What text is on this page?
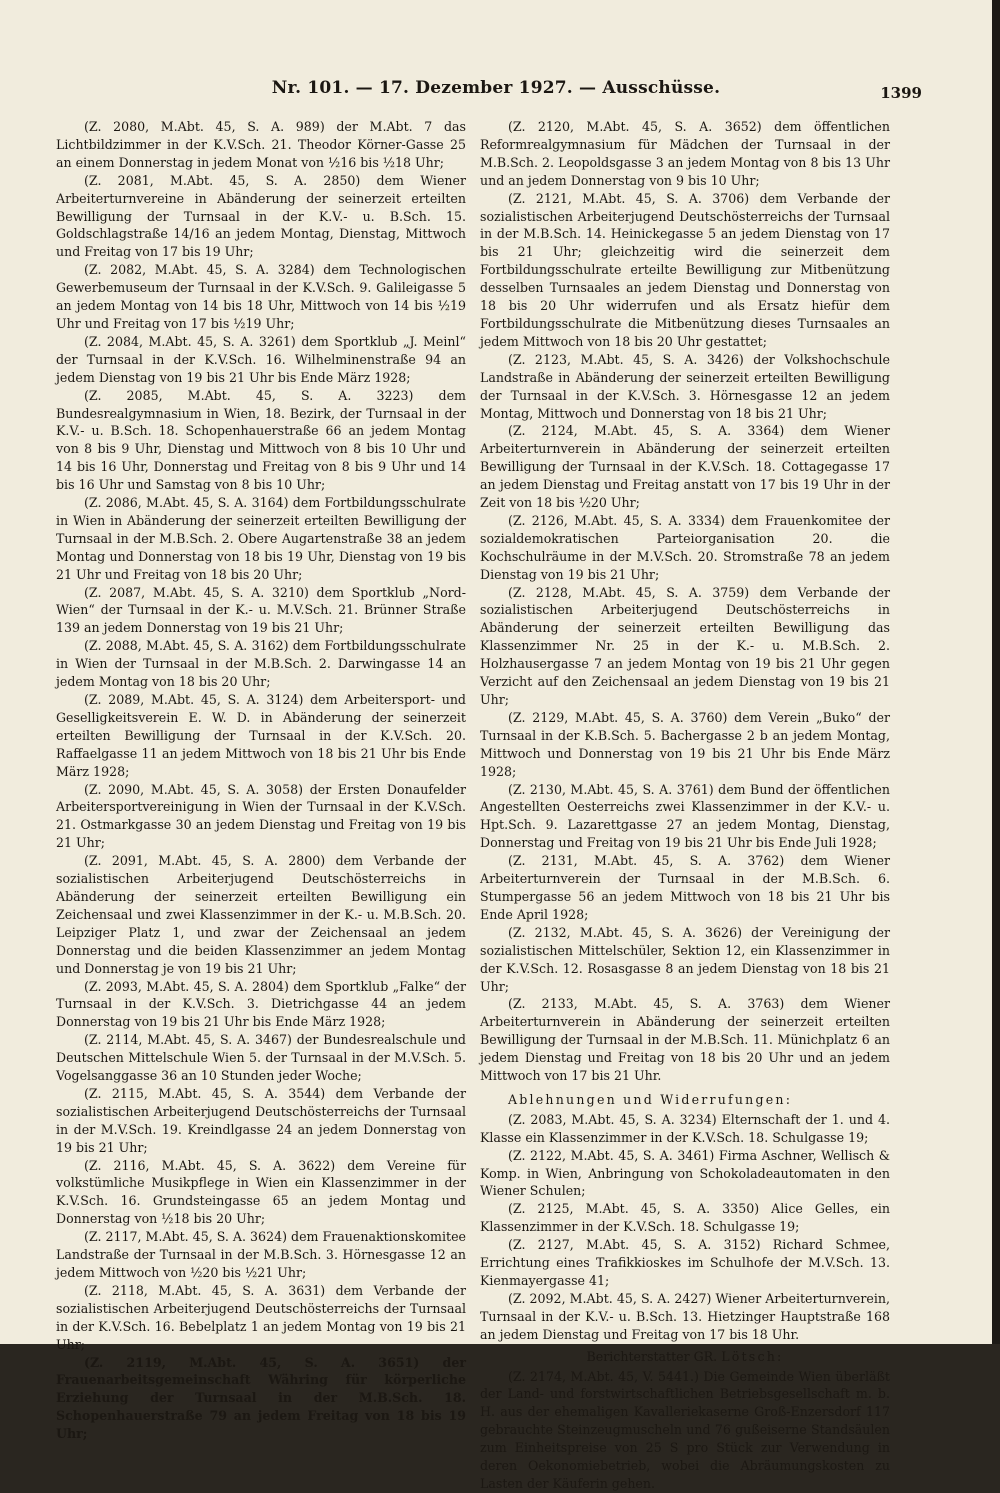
Nr. 101. — 17. Dezember 1927. — Ausschüsse.	1399

(Z. 2080, M.Abt. 45, S. A. 989) der M.Abt. 7 das Lichtbildzimmer in der K.V.Sch. 21. Theodor Körner-Gasse 25 an einem Donnerstag in jedem Monat von ½16 bis ½18 Uhr;

(Z. 2081, M.Abt. 45, S. A. 2850) dem Wiener Arbeiterturnvereine in Abänderung der seinerzeit erteilten Bewilligung der Turnsaal in der K.V.- u. B.Sch. 15. Goldschlagstraße 14/16 an jedem Montag, Dienstag, Mittwoch und Freitag von 17 bis 19 Uhr;

(Z. 2082, M.Abt. 45, S. A. 3284) dem Technologischen Gewerbemuseum der Turnsaal in der K.V.Sch. 9. Galileigasse 5 an jedem Montag von 14 bis 18 Uhr, Mittwoch von 14 bis ½19 Uhr und Freitag von 17 bis ½19 Uhr;

(Z. 2084, M.Abt. 45, S. A. 3261) dem Sportklub „J. Meinl“ der Turnsaal in der K.V.Sch. 16. Wilhelminenstraße 94 an jedem Dienstag von 19 bis 21 Uhr bis Ende März 1928;

(Z. 2085, M.Abt. 45, S. A. 3223) dem Bundesrealgymnasium in Wien, 18. Bezirk, der Turnsaal in der K.V.- u. B.Sch. 18. Schopenhauerstraße 66 an jedem Montag von 8 bis 9 Uhr, Dienstag und Mittwoch von 8 bis 10 Uhr und 14 bis 16 Uhr, Donnerstag und Freitag von 8 bis 9 Uhr und 14 bis 16 Uhr und Samstag von 8 bis 10 Uhr;

(Z. 2086, M.Abt. 45, S. A. 3164) dem Fortbildungsschulrate in Wien in Abänderung der seinerzeit erteilten Bewilligung der Turnsaal in der M.B.Sch. 2. Obere Augartenstraße 38 an jedem Montag und Donnerstag von 18 bis 19 Uhr, Dienstag von 19 bis 21 Uhr und Freitag von 18 bis 20 Uhr;

(Z. 2087, M.Abt. 45, S. A. 3210) dem Sportklub „Nord-Wien“ der Turnsaal in der K.- u. M.V.Sch. 21. Brünner Straße 139 an jedem Donnerstag von 19 bis 21 Uhr;

(Z. 2088, M.Abt. 45, S. A. 3162) dem Fortbildungsschulrate in Wien der Turnsaal in der M.B.Sch. 2. Darwingasse 14 an jedem Montag von 18 bis 20 Uhr;

(Z. 2089, M.Abt. 45, S. A. 3124) dem Arbeitersport- und Geselligkeitsverein E. W. D. in Abänderung der seinerzeit erteilten Bewilligung der Turnsaal in der K.V.Sch. 20. Raffaelgasse 11 an jedem Mittwoch von 18 bis 21 Uhr bis Ende März 1928;

(Z. 2090, M.Abt. 45, S. A. 3058) der Ersten Donaufelder Arbeitersportvereinigung in Wien der Turnsaal in der K.V.Sch. 21. Ostmarkgasse 30 an jedem Dienstag und Freitag von 19 bis 21 Uhr;

(Z. 2091, M.Abt. 45, S. A. 2800) dem Verbande der sozialistischen Arbeiterjugend Deutschösterreichs in Abänderung der seinerzeit erteilten Bewilligung ein Zeichensaal und zwei Klassenzimmer in der K.- u. M.B.Sch. 20. Leipziger Platz 1, und zwar der Zeichensaal an jedem Donnerstag und die beiden Klassenzimmer an jedem Montag und Donnerstag je von 19 bis 21 Uhr;

(Z. 2093, M.Abt. 45, S. A. 2804) dem Sportklub „Falke“ der Turnsaal in der K.V.Sch. 3. Dietrichgasse 44 an jedem Donnerstag von 19 bis 21 Uhr bis Ende März 1928;

(Z. 2114, M.Abt. 45, S. A. 3467) der Bundesrealschule und Deutschen Mittelschule Wien 5. der Turnsaal in der M.V.Sch. 5. Vogelsanggasse 36 an 10 Stunden jeder Woche;

(Z. 2115, M.Abt. 45, S. A. 3544) dem Verbande der sozialistischen Arbeiterjugend Deutschösterreichs der Turnsaal in der M.V.Sch. 19. Kreindlgasse 24 an jedem Donnerstag von 19 bis 21 Uhr;

(Z. 2116, M.Abt. 45, S. A. 3622) dem Vereine für volkstümliche Musikpflege in Wien ein Klassenzimmer in der K.V.Sch. 16. Grundsteingasse 65 an jedem Montag und Donnerstag von ½18 bis 20 Uhr;

(Z. 2117, M.Abt. 45, S. A. 3624) dem Frauenaktionskomitee Landstraße der Turnsaal in der M.B.Sch. 3. Hörnesgasse 12 an jedem Mittwoch von ½20 bis ½21 Uhr;

(Z. 2118, M.Abt. 45, S. A. 3631) dem Verbande der sozialistischen Arbeiterjugend Deutschösterreichs der Turnsaal in der K.V.Sch. 16. Bebelplatz 1 an jedem Montag von 19 bis 21 Uhr;

(Z. 2119, M.Abt. 45, S. A. 3651) der Frauenarbeitsgemeinschaft Währing für körperliche Erziehung der Turnsaal in der M.B.Sch. 18. Schopenhauerstraße 79 an jedem Freitag von 18 bis 19 Uhr;

(Z. 2120, M.Abt. 45, S. A. 3652) dem öffentlichen Reformrealgymnasium für Mädchen der Turnsaal in der M.B.Sch. 2. Leopoldsgasse 3 an jedem Montag von 8 bis 13 Uhr und an jedem Donnerstag von 9 bis 10 Uhr;

(Z. 2121, M.Abt. 45, S. A. 3706) dem Verbande der sozialistischen Arbeiterjugend Deutschösterreichs der Turnsaal in der M.B.Sch. 14. Heinickegasse 5 an jedem Dienstag von 17 bis 21 Uhr; gleichzeitig wird die seinerzeit dem Fortbildungsschulrate erteilte Bewilligung zur Mitbenützung desselben Turnsaales an jedem Dienstag und Donnerstag von 18 bis 20 Uhr widerrufen und als Ersatz hiefür dem Fortbildungsschulrate die Mitbenützung dieses Turnsaales an jedem Mittwoch von 18 bis 20 Uhr gestattet;

(Z. 2123, M.Abt. 45, S. A. 3426) der Volkshochschule Landstraße in Abänderung der seinerzeit erteilten Bewilligung der Turnsaal in der K.V.Sch. 3. Hörnesgasse 12 an jedem Montag, Mittwoch und Donnerstag von 18 bis 21 Uhr;

(Z. 2124, M.Abt. 45, S. A. 3364) dem Wiener Arbeiterturnverein in Abänderung der seinerzeit erteilten Bewilligung der Turnsaal in der K.V.Sch. 18. Cottagegasse 17 an jedem Dienstag und Freitag anstatt von 17 bis 19 Uhr in der Zeit von 18 bis ½20 Uhr;

(Z. 2126, M.Abt. 45, S. A. 3334) dem Frauenkomitee der sozialdemokratischen Parteiorganisation 20. die Kochschulräume in der M.V.Sch. 20. Stromstraße 78 an jedem Dienstag von 19 bis 21 Uhr;

(Z. 2128, M.Abt. 45, S. A. 3759) dem Verbande der sozialistischen Arbeiterjugend Deutschösterreichs in Abänderung der seinerzeit erteilten Bewilligung das Klassenzimmer Nr. 25 in der K.- u. M.B.Sch. 2. Holzhausergasse 7 an jedem Montag von 19 bis 21 Uhr gegen Verzicht auf den Zeichensaal an jedem Dienstag von 19 bis 21 Uhr;

(Z. 2129, M.Abt. 45, S. A. 3760) dem Verein „Buko“ der Turnsaal in der K.B.Sch. 5. Bachergasse 2 b an jedem Montag, Mittwoch und Donnerstag von 19 bis 21 Uhr bis Ende März 1928;

(Z. 2130, M.Abt. 45, S. A. 3761) dem Bund der öffentlichen Angestellten Oesterreichs zwei Klassenzimmer in der K.V.- u. Hpt.Sch. 9. Lazarettgasse 27 an jedem Montag, Dienstag, Donnerstag und Freitag von 19 bis 21 Uhr bis Ende Juli 1928;

(Z. 2131, M.Abt. 45, S. A. 3762) dem Wiener Arbeiterturnverein der Turnsaal in der M.B.Sch. 6. Stumpergasse 56 an jedem Mittwoch von 18 bis 21 Uhr bis Ende April 1928;

(Z. 2132, M.Abt. 45, S. A. 3626) der Vereinigung der sozialistischen Mittelschüler, Sektion 12, ein Klassenzimmer in der K.V.Sch. 12. Rosasgasse 8 an jedem Dienstag von 18 bis 21 Uhr;

(Z. 2133, M.Abt. 45, S. A. 3763) dem Wiener Arbeiterturnverein in Abänderung der seinerzeit erteilten Bewilligung der Turnsaal in der M.B.Sch. 11. Münichplatz 6 an jedem Dienstag und Freitag von 18 bis 20 Uhr und an jedem Mittwoch von 17 bis 21 Uhr.

Ablehnungen und Widerrufungen:

(Z. 2083, M.Abt. 45, S. A. 3234) Elternschaft der 1. und 4. Klasse ein Klassenzimmer in der K.V.Sch. 18. Schulgasse 19;

(Z. 2122, M.Abt. 45, S. A. 3461) Firma Aschner, Wellisch & Komp. in Wien, Anbringung von Schokoladeautomaten in den Wiener Schulen;

(Z. 2125, M.Abt. 45, S. A. 3350) Alice Gelles, ein Klassenzimmer in der K.V.Sch. 18. Schulgasse 19;

(Z. 2127, M.Abt. 45, S. A. 3152) Richard Schmee, Errichtung eines Trafikkioskes im Schulhofe der M.V.Sch. 13. Kienmayergasse 41;

(Z. 2092, M.Abt. 45, S. A. 2427) Wiener Arbeiterturnverein, Turnsaal in der K.V.- u. B.Sch. 13. Hietzinger Hauptstraße 168 an jedem Dienstag und Freitag von 17 bis 18 Uhr.

Berichterstatter GR. Lötsch:

(Z. 2174, M.Abt. 45, V. 5441.) Die Gemeinde Wien überläßt der Land- und forstwirtschaftlichen Betriebsgesellschaft m. b. H. aus der ehemaligen Kavalleriekaserne Groß-Enzersdorf 117 gebrauchte Steinzeugmuscheln und 76 gußeiserne Standsäulen zum Einheitspreise von 25 S pro Stück zur Verwendung in deren Oekonomiebetrieb, wobei die Abräumungskosten zu Lasten der Käuferin gehen.
